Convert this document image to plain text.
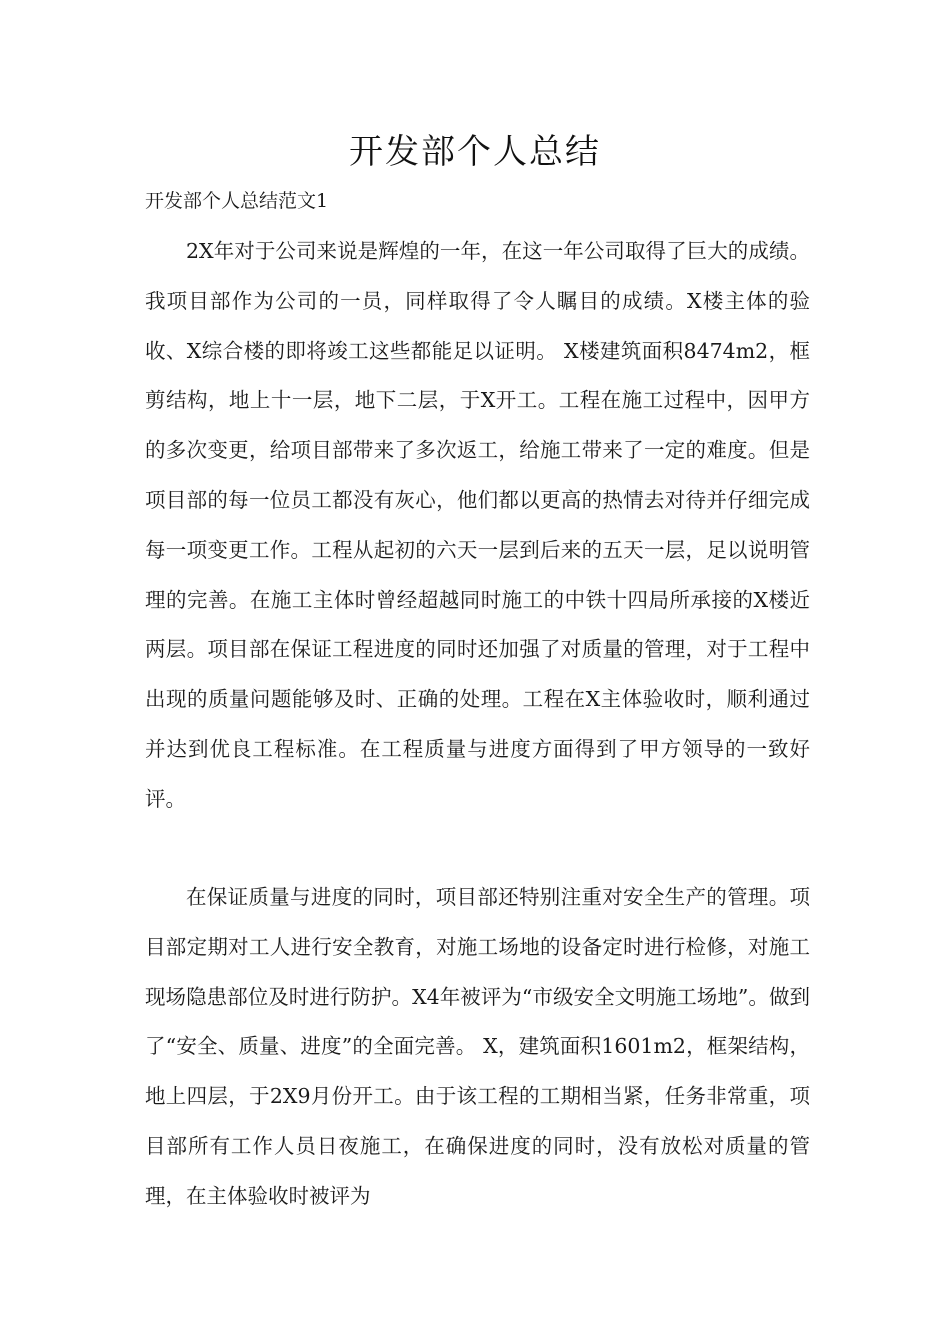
开发部个人总结

开发部个人总结范文1

2X年对于公司来说是辉煌的一年，在这一年公司取得了巨大的成绩。我项目部作为公司的一员，同样取得了令人瞩目的成绩。X楼主体的验收、X综合楼的即将竣工这些都能足以证明。 X楼建筑面积8474m2，框剪结构，地上十一层，地下二层，于X开工。工程在施工过程中，因甲方的多次变更，给项目部带来了多次返工，给施工带来了一定的难度。但是项目部的每一位员工都没有灰心，他们都以更高的热情去对待并仔细完成每一项变更工作。工程从起初的六天一层到后来的五天一层，足以说明管理的完善。在施工主体时曾经超越同时施工的中铁十四局所承接的X楼近两层。项目部在保证工程进度的同时还加强了对质量的管理，对于工程中出现的质量问题能够及时、正确的处理。工程在X主体验收时，顺利通过并达到优良工程标准。在工程质量与进度方面得到了甲方领导的一致好评。

在保证质量与进度的同时，项目部还特别注重对安全生产的管理。项目部定期对工人进行安全教育，对施工场地的设备定时进行检修，对施工现场隐患部位及时进行防护。X4年被评为“市级安全文明施工场地”。做到了“安全、质量、进度”的全面完善。 X，建筑面积1601m2，框架结构，地上四层，于2X9月份开工。由于该工程的工期相当紧，任务非常重，项目部所有工作人员日夜施工，在确保进度的同时，没有放松对质量的管理，在主体验收时被评为
